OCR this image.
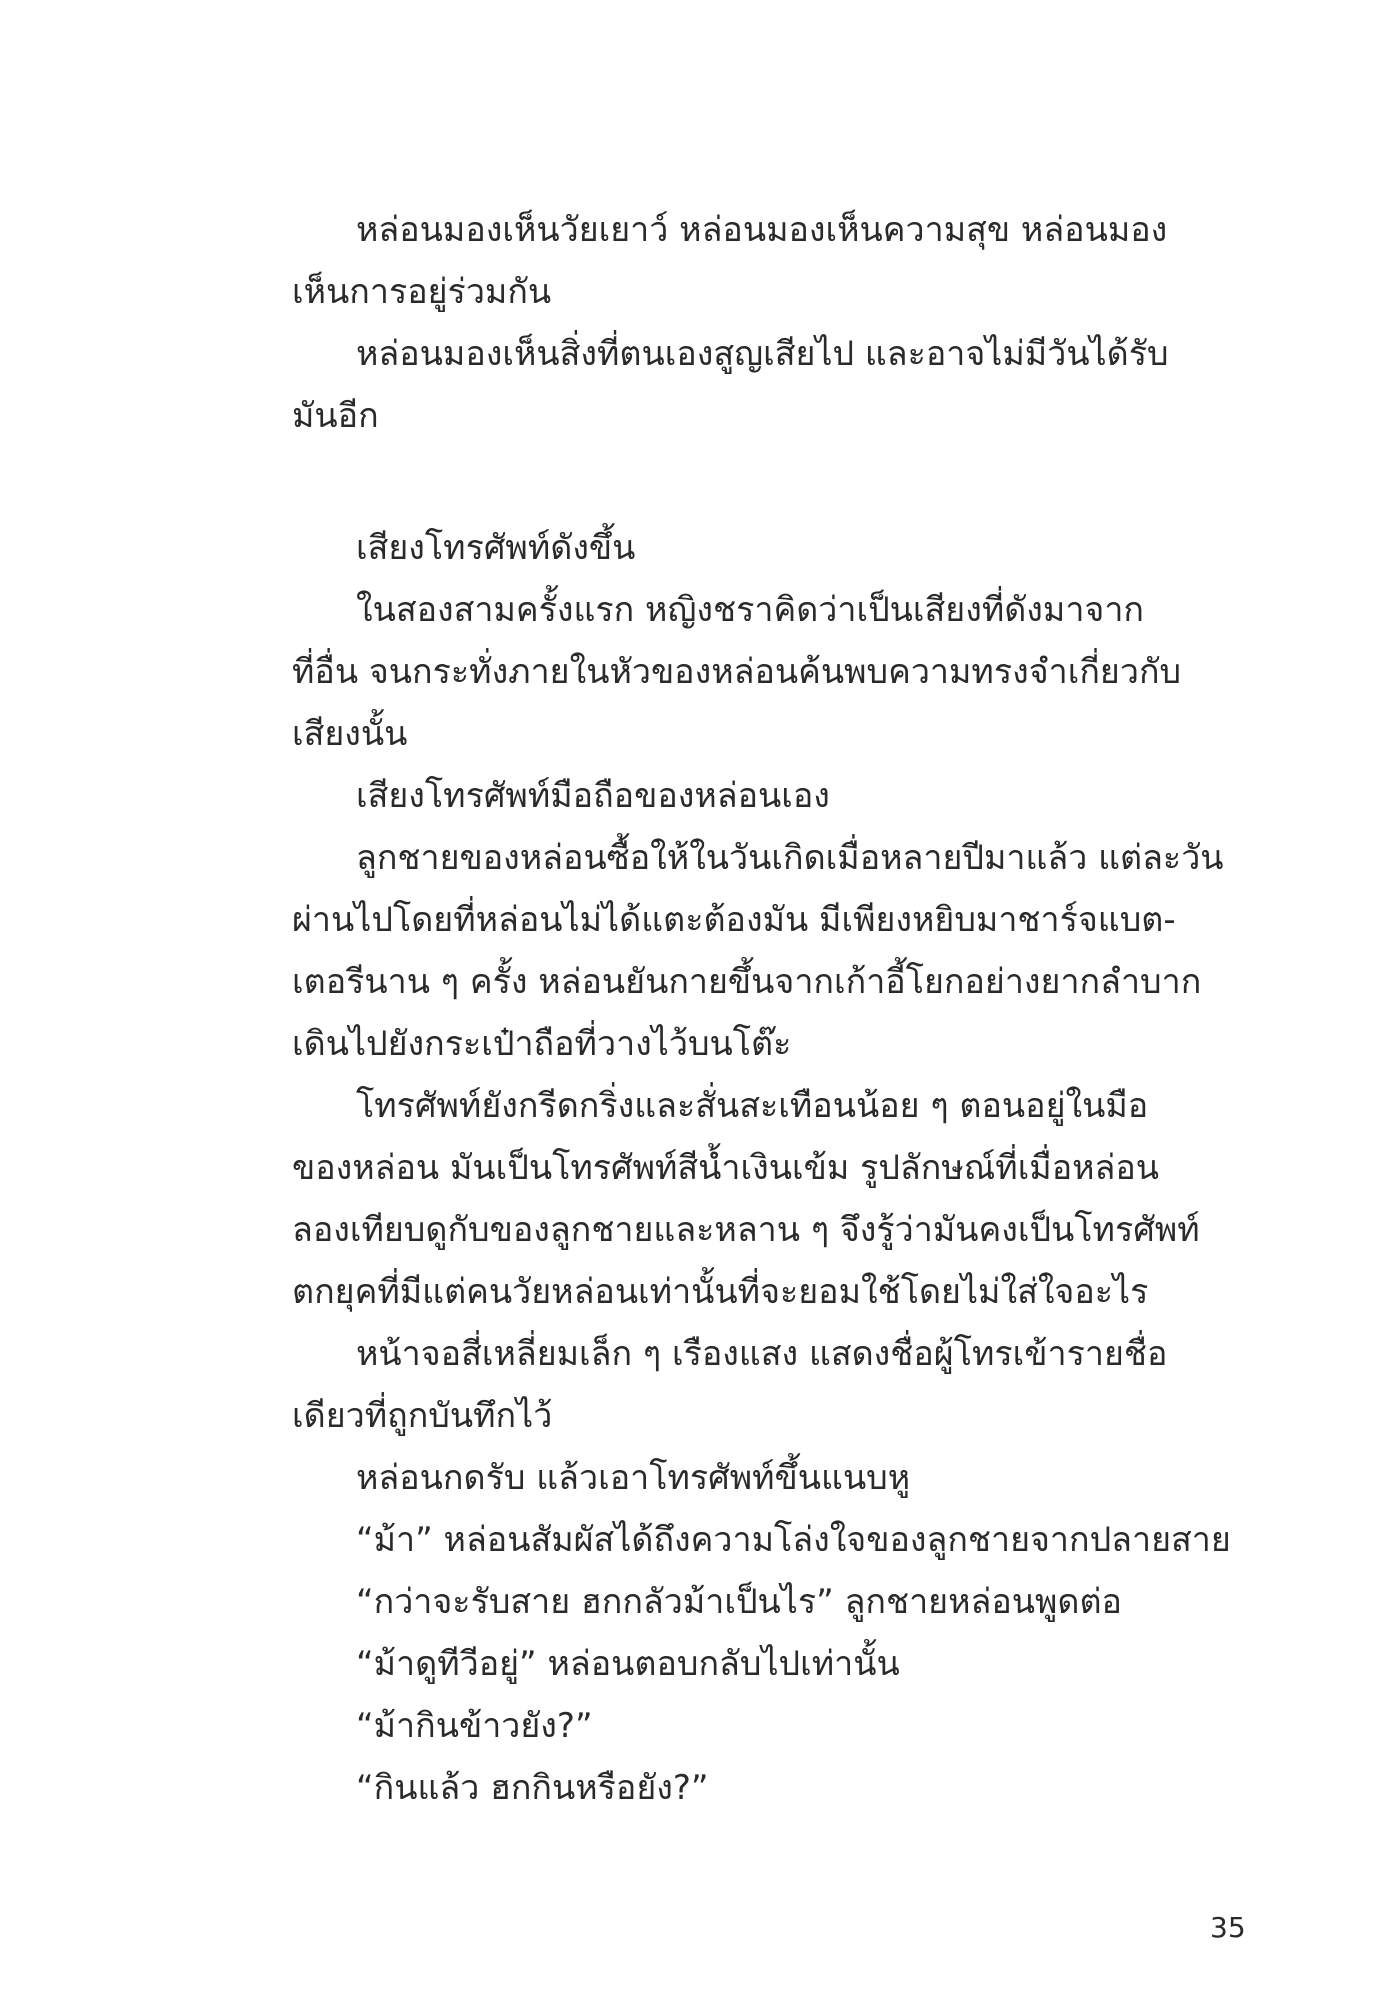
หล่อนมองเห็นวัยเยาว์ หล่อนมองเห็นความสุข หล่อนมอง
เห็นการอยู่ร่วมกัน
หล่อนมองเห็นสิ่งที่ตนเองสูญเสียไป และอาจไม่มีวันได้รับ
มันอีก
เสียงโทรศัพท์ดังขึ้น
ในสองสามครั้งแรก หญิงชราคิดว่าเป็นเสียงที่ดังมาจาก
ที่อื่น จนกระทั่งภายในหัวของหล่อนค้นพบความทรงจำเกี่ยวกับ
เสียงนั้น
เสียงโทรศัพท์มือถือของหล่อนเอง
ลูกชายของหล่อนซื้อให้ในวันเกิดเมื่อหลายปีมาแล้ว แต่ละวัน
ผ่านไปโดยที่หล่อนไม่ได้แตะต้องมัน มีเพียงหยิบมาชาร์จแบต-
เตอรีนาน ๆ ครั้ง หล่อนยันกายขึ้นจากเก้าอี้โยกอย่างยากลำบาก
เดินไปยังกระเป๋าถือที่วางไว้บนโต๊ะ
โทรศัพท์ยังกรีดกริ่งและสั่นสะเทือนน้อย ๆ ตอนอยู่ในมือ
ของหล่อน มันเป็นโทรศัพท์สีน้ำเงินเข้ม รูปลักษณ์ที่เมื่อหล่อน
ลองเทียบดูกับของลูกชายและหลาน ๆ จึงรู้ว่ามันคงเป็นโทรศัพท์
ตกยุคที่มีแต่คนวัยหล่อนเท่านั้นที่จะยอมใช้โดยไม่ใส่ใจอะไร
หน้าจอสี่เหลี่ยมเล็ก ๆ เรืองแสง แสดงชื่อผู้โทรเข้ารายชื่อ
เดียวที่ถูกบันทึกไว้
หล่อนกดรับ แล้วเอาโทรศัพท์ขึ้นแนบหู
“ม้า” หล่อนสัมผัสได้ถึงความโล่งใจของลูกชายจากปลายสาย
“กว่าจะรับสาย ฮกกลัวม้าเป็นไร” ลูกชายหล่อนพูดต่อ
“ม้าดูทีวีอยู่” หล่อนตอบกลับไปเท่านั้น
“ม้ากินข้าวยัง?”
“กินแล้ว ฮกกินหรือยัง?”
35
